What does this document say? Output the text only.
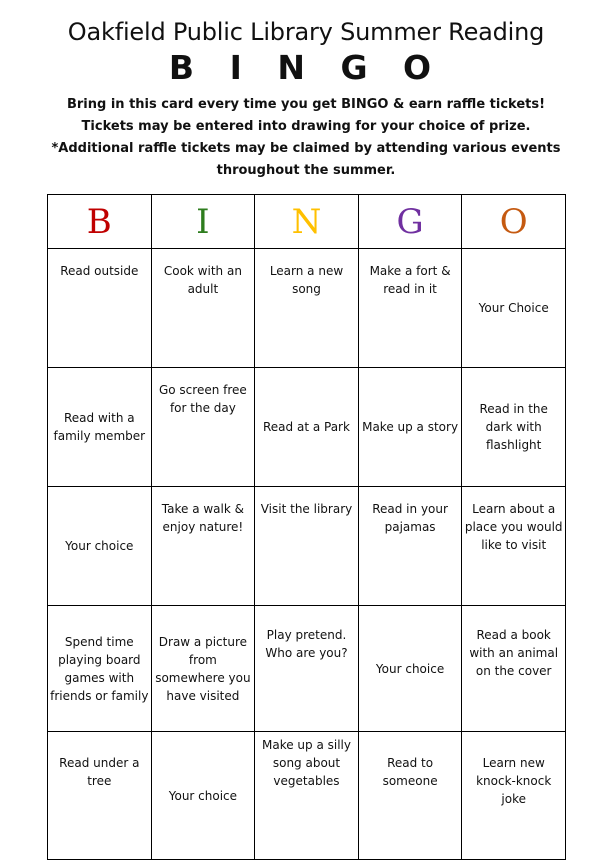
Oakfield Public Library Summer Reading
B I N G O
Bring in this card every time you get BINGO & earn raffle tickets!
Tickets may be entered into drawing for your choice of prize.
*Additional raffle tickets may be claimed by attending various events
throughout the summer.
B	I	N	G	O
Read outside	Cook with an adult	Learn a new song	Make a fort & read in it	Your Choice
Read with a family member	Go screen free for the day	Read at a Park	Make up a story	Read in the dark with flashlight
Your choice	Take a walk & enjoy nature!	Visit the library	Read in your pajamas	Learn about a place you would like to visit
Spend time playing board games with friends or family	Draw a picture from somewhere you have visited	Play pretend. Who are you?	Your choice	Read a book with an animal on the cover
Read under a tree	Your choice	Make up a silly song about vegetables	Read to someone	Learn new knock-knock joke
